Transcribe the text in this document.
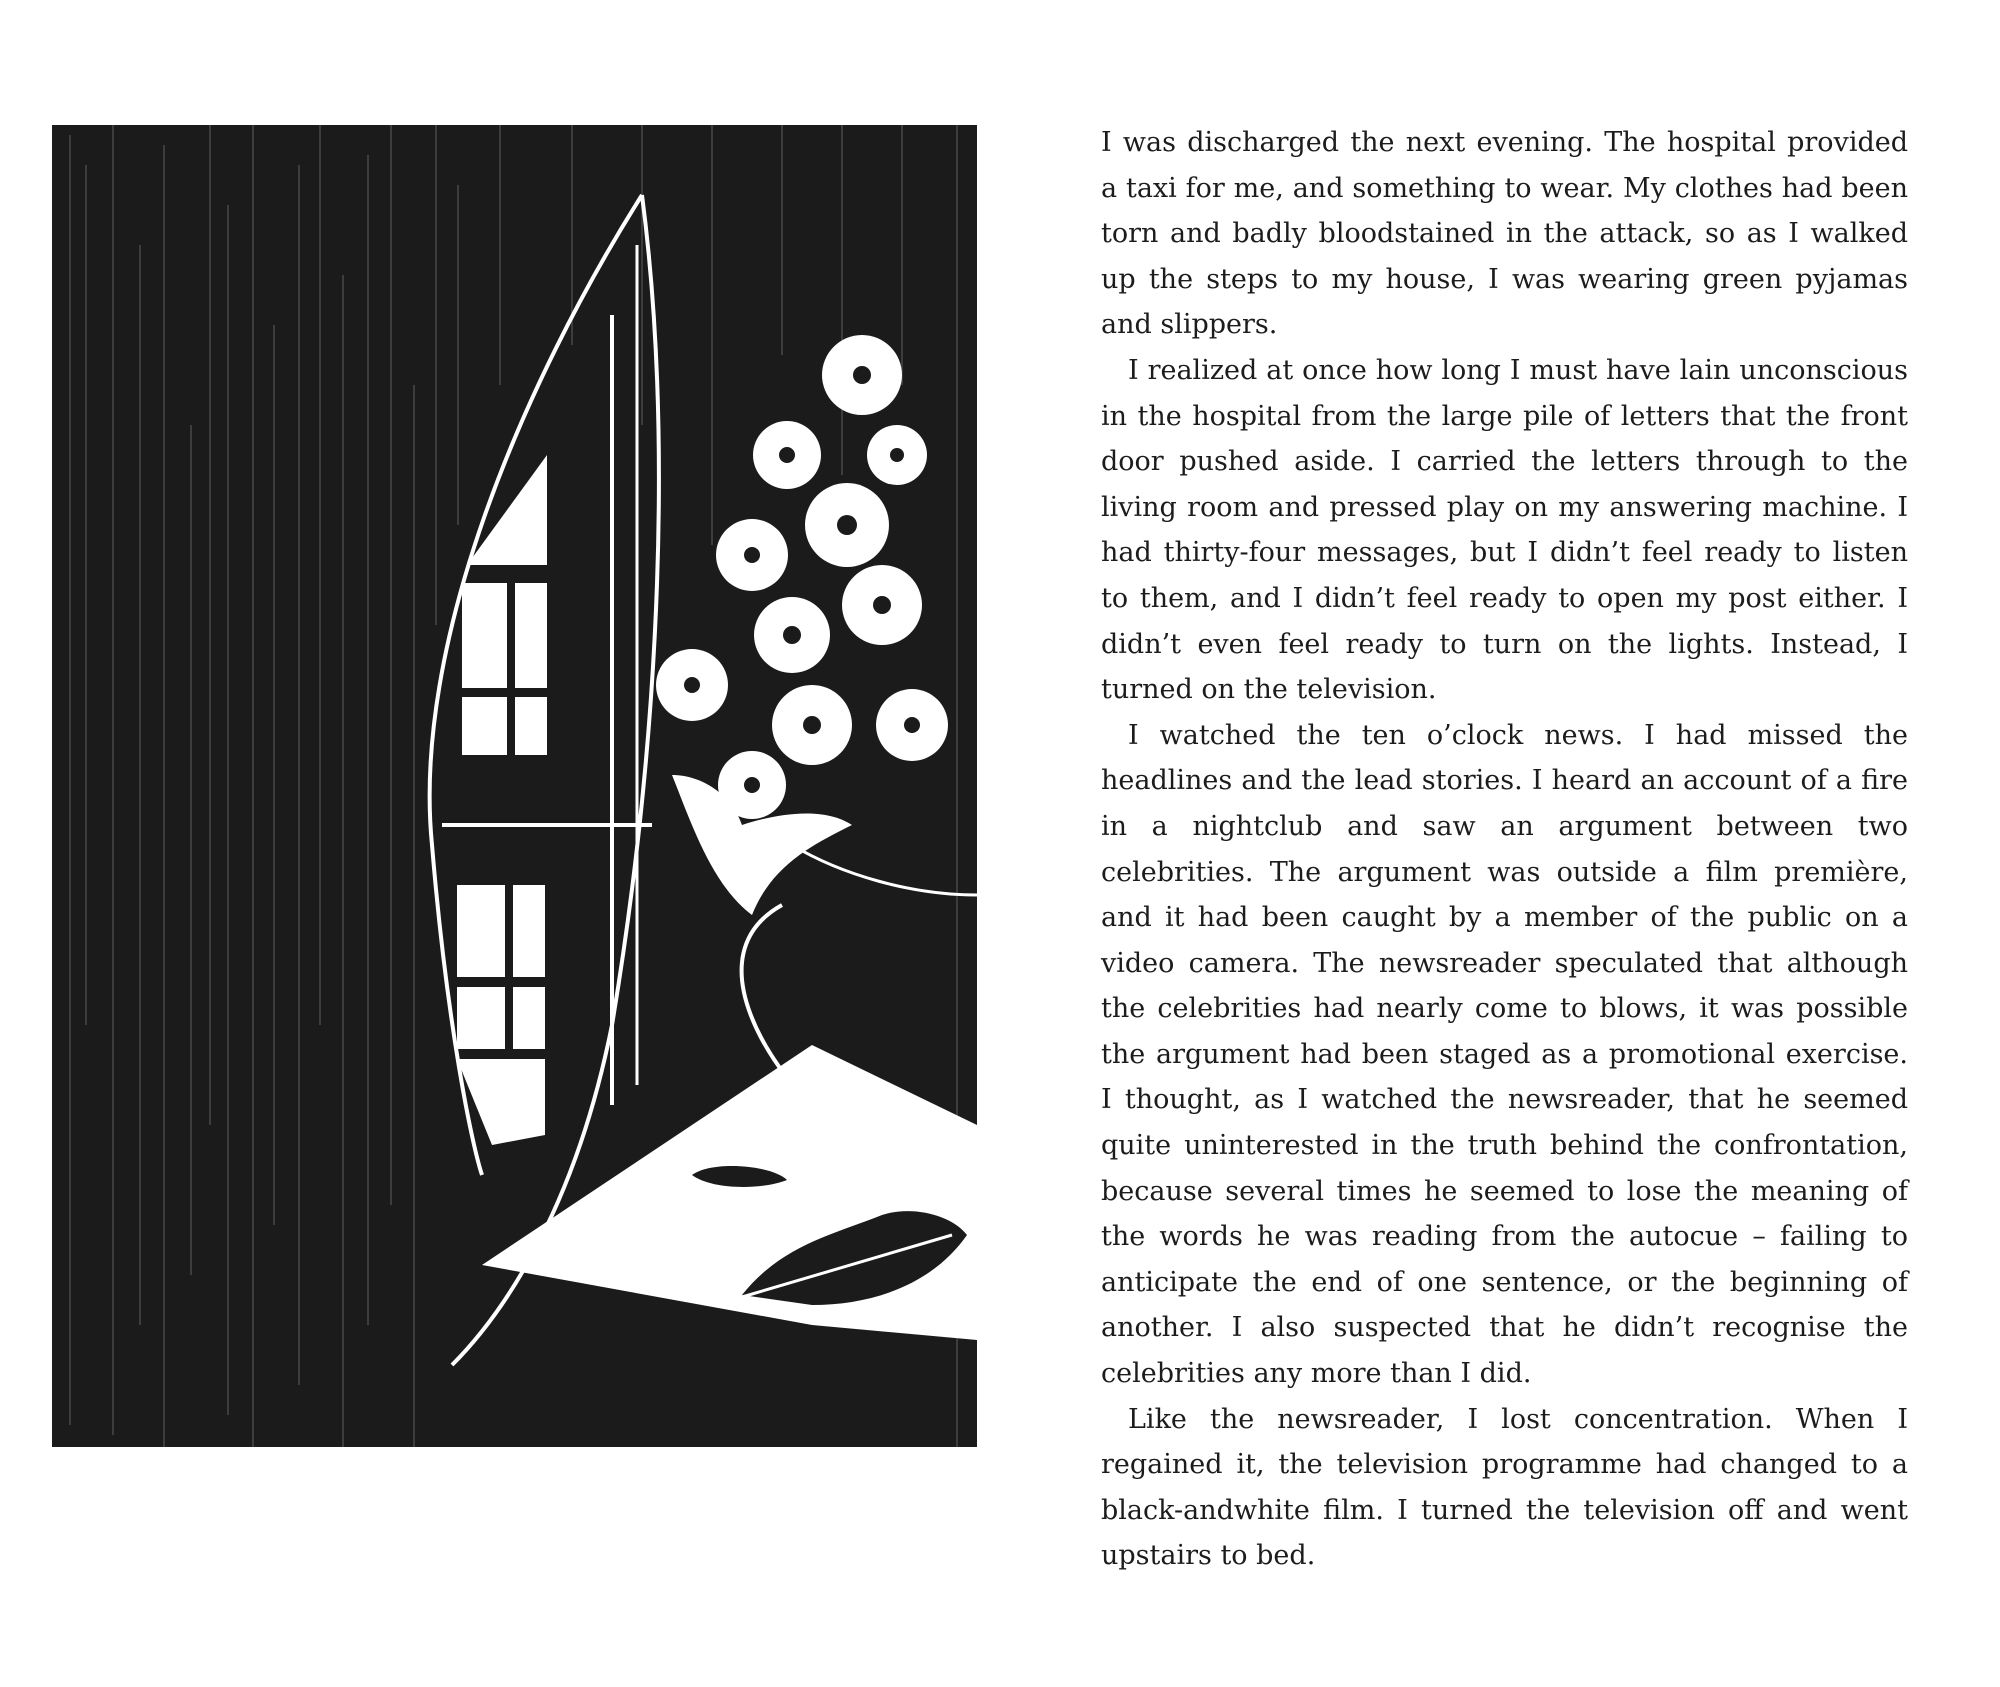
I was discharged the next evening. The hospital provided a taxi for me, and something to wear. My clothes had been torn and badly bloodstained in the attack, so as I walked up the steps to my house, I was wearing green pyjamas and slippers.

I realized at once how long I must have lain unconscious in the hospital from the large pile of letters that the front door pushed aside. I carried the letters through to the living room and pressed play on my answering machine. I had thirty-four messages, but I didn’t feel ready to listen to them, and I didn’t feel ready to open my post either. I didn’t even feel ready to turn on the lights. Instead, I turned on the television.

I watched the ten o’clock news. I had missed the headlines and the lead stories. I heard an account of a fire in a nightclub and saw an argument between two celebrities. The argument was outside a film première, and it had been caught by a member of the public on a video camera. The newsreader speculated that although the celebrities had nearly come to blows, it was possible the argument had been staged as a promotional exercise. I thought, as I watched the newsreader, that he seemed quite uninterested in the truth behind the confrontation, because several times he seemed to lose the meaning of the words he was reading from the autocue – failing to anticipate the end of one sentence, or the beginning of another. I also suspected that he didn’t recognise the celebrities any more than I did.

Like the newsreader, I lost concentration. When I regained it, the television programme had changed to a black-andwhite film. I turned the television off and went upstairs to bed.
